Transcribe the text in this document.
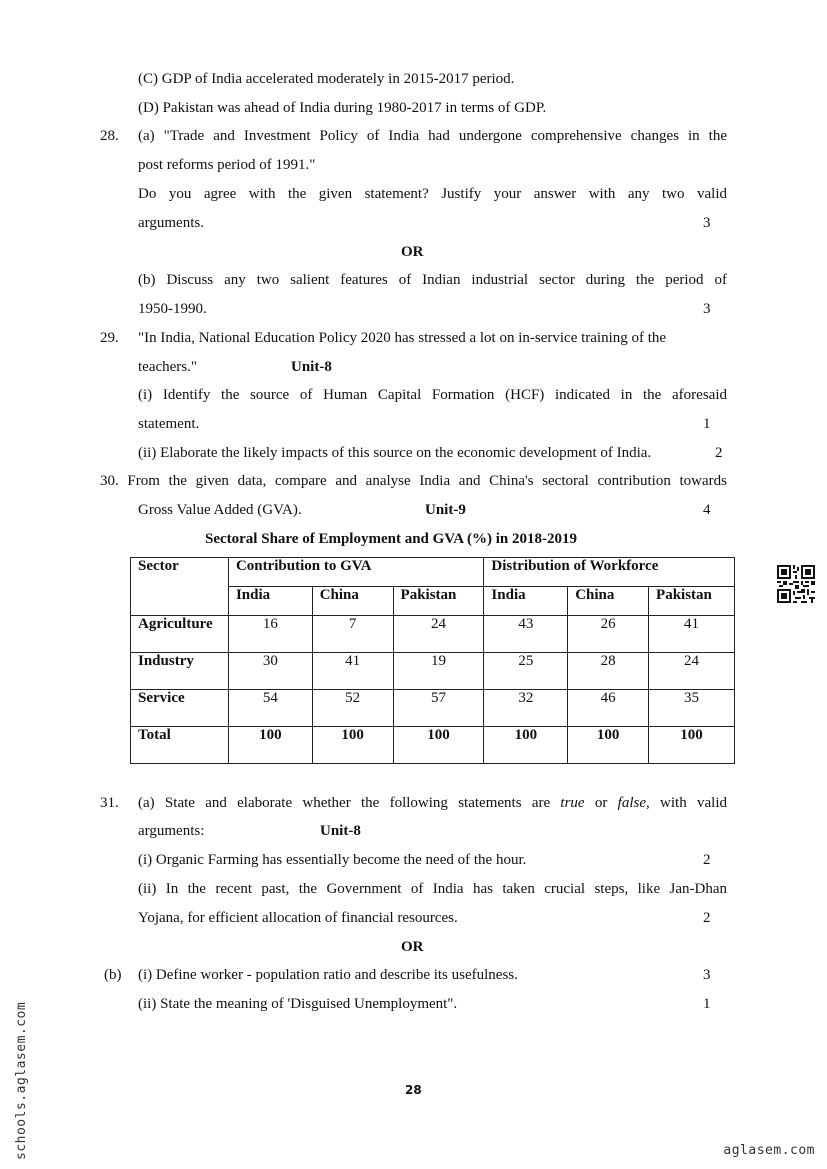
(C) GDP of India accelerated moderately in 2015-2017 period.
(D) Pakistan was ahead of India during 1980-2017 in terms of GDP.
28. (a) "Trade and Investment Policy of India had undergone comprehensive changes in the
post reforms period of 1991."
Do you agree with the given statement? Justify your answer with any two valid
arguments.	3
OR
(b) Discuss any two salient features of Indian industrial sector during the period of
1950-1990.	3
29. "In India, National Education Policy 2020 has stressed a lot on in-service training of the
teachers."	Unit-8
(i) Identify the source of Human Capital Formation (HCF) indicated in the aforesaid
statement.	1
(ii) Elaborate the likely impacts of this source on the economic development of India.	2
30. From the given data, compare and analyse India and China's sectoral contribution towards
Gross Value Added (GVA).	Unit-9	4
Sectoral Share of Employment and GVA (%) in 2018-2019
Sector	Contribution to GVA			Distribution of Workforce		
	India	China	Pakistan	India	China	Pakistan
Agriculture	16	7	24	43	26	41
Industry	30	41	19	25	28	24
Service	54	52	57	32	46	35
Total	100	100	100	100	100	100
31. (a) State and elaborate whether the following statements are true or false, with valid
arguments:	Unit-8
(i) Organic Farming has essentially become the need of the hour.	2
(ii) In the recent past, the Government of India has taken crucial steps, like Jan-Dhan
Yojana, for efficient allocation of financial resources.	2
OR
(b) (i) Define worker - population ratio and describe its usefulness.	3
(ii) State the meaning of 'Disguised Unemployment".	1
28
schools.aglasem.com	aglasem.com
